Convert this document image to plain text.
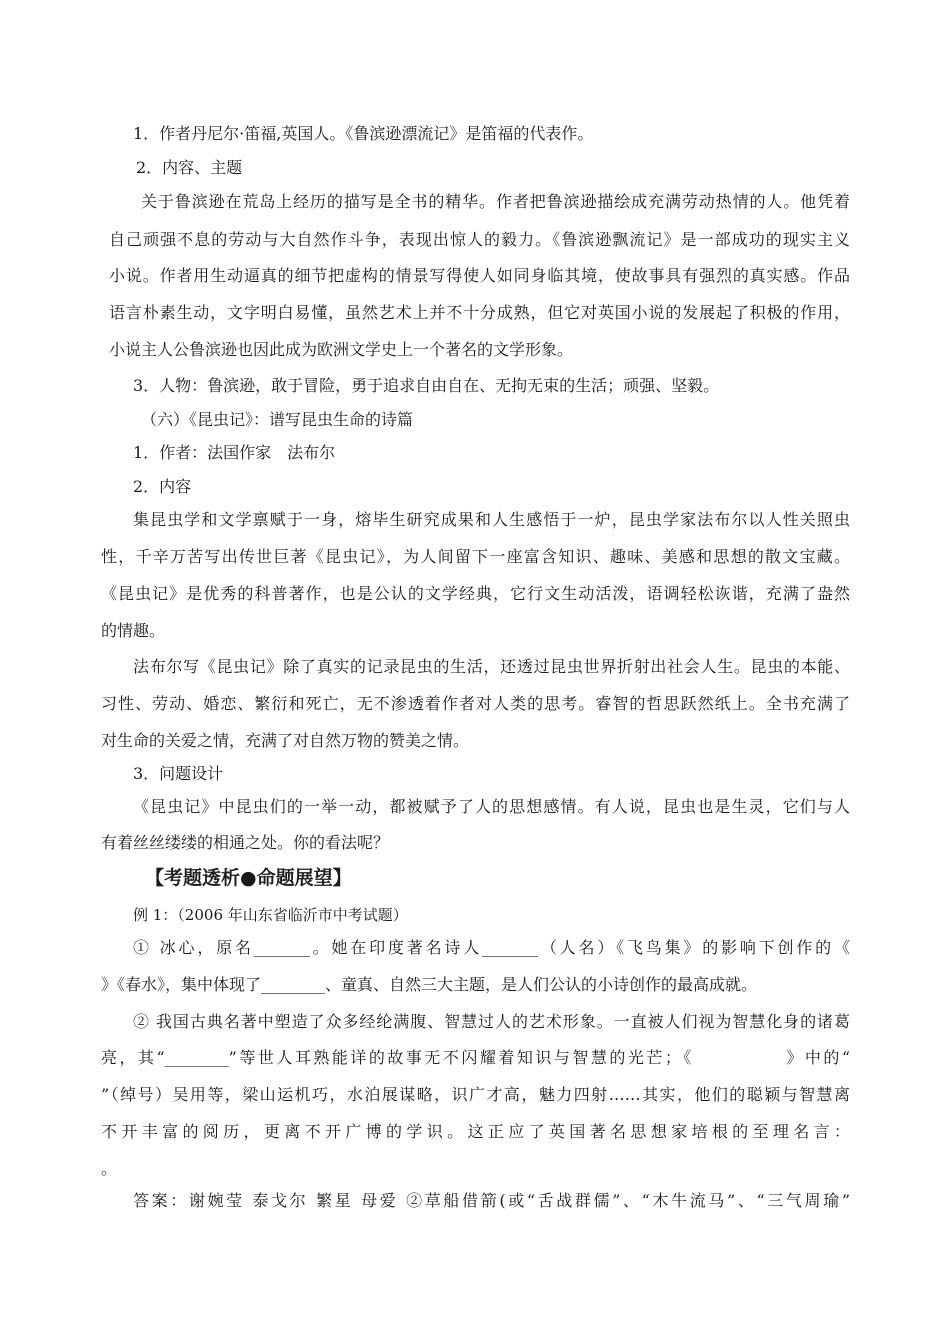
1．作者丹尼尔·笛福,英国人。《鲁滨逊漂流记》是笛福的代表作。
2．内容、主题
关于鲁滨逊在荒岛上经历的描写是全书的精华。作者把鲁滨逊描绘成充满劳动热情的人。他凭着
自己顽强不息的劳动与大自然作斗争，表现出惊人的毅力。《鲁滨逊飘流记》是一部成功的现实主义
小说。作者用生动逼真的细节把虚构的情景写得使人如同身临其境，使故事具有强烈的真实感。作品
语言朴素生动，文字明白易懂，虽然艺术上并不十分成熟，但它对英国小说的发展起了积极的作用，
小说主人公鲁滨逊也因此成为欧洲文学史上一个著名的文学形象。
3．人物：鲁滨逊，敢于冒险，勇于追求自由自在、无拘无束的生活；顽强、坚毅。
（六）《昆虫记》：谱写昆虫生命的诗篇
1．作者：法国作家　法布尔
2．内容
集昆虫学和文学禀赋于一身，熔毕生研究成果和人生感悟于一炉，昆虫学家法布尔以人性关照虫
性，千辛万苦写出传世巨著《昆虫记》，为人间留下一座富含知识、趣味、美感和思想的散文宝藏。
《昆虫记》是优秀的科普著作，也是公认的文学经典，它行文生动活泼，语调轻松诙谐，充满了盎然
的情趣。
法布尔写《昆虫记》除了真实的记录昆虫的生活，还透过昆虫世界折射出社会人生。昆虫的本能、
习性、劳动、婚恋、繁衍和死亡，无不渗透着作者对人类的思考。睿智的哲思跃然纸上。全书充满了
对生命的关爱之情，充满了对自然万物的赞美之情。
3．问题设计
《昆虫记》中昆虫们的一举一动，都被赋予了人的思想感情。有人说，昆虫也是生灵，它们与人
有着丝丝缕缕的相通之处。你的看法呢？
【考题透析●命题展望】
例 1：（2006 年山东省临沂市中考试题）
① 冰心，原名_______。她在印度著名诗人_______（人名）《飞鸟集》的影响下创作的《
》《春水》，集中体现了________、童真、自然三大主题，是人们公认的小诗创作的最高成就。
② 我国古典名著中塑造了众多经纶满腹、智慧过人的艺术形象。一直被人们视为智慧化身的诸葛
亮，其“________”等世人耳熟能详的故事无不闪耀着知识与智慧的光芒；《　　　　　》中的“
”（绰号）吴用等，梁山运机巧，水泊展谋略，识广才高，魅力四射……其实，他们的聪颖与智慧离
不开丰富的阅历，更离不开广博的学识。这正应了英国著名思想家培根的至理名言：
。
答案：谢婉莹 泰戈尔 繁星 母爱 ②草船借箭(或“舌战群儒”、“木牛流马”、“三气周瑜”
